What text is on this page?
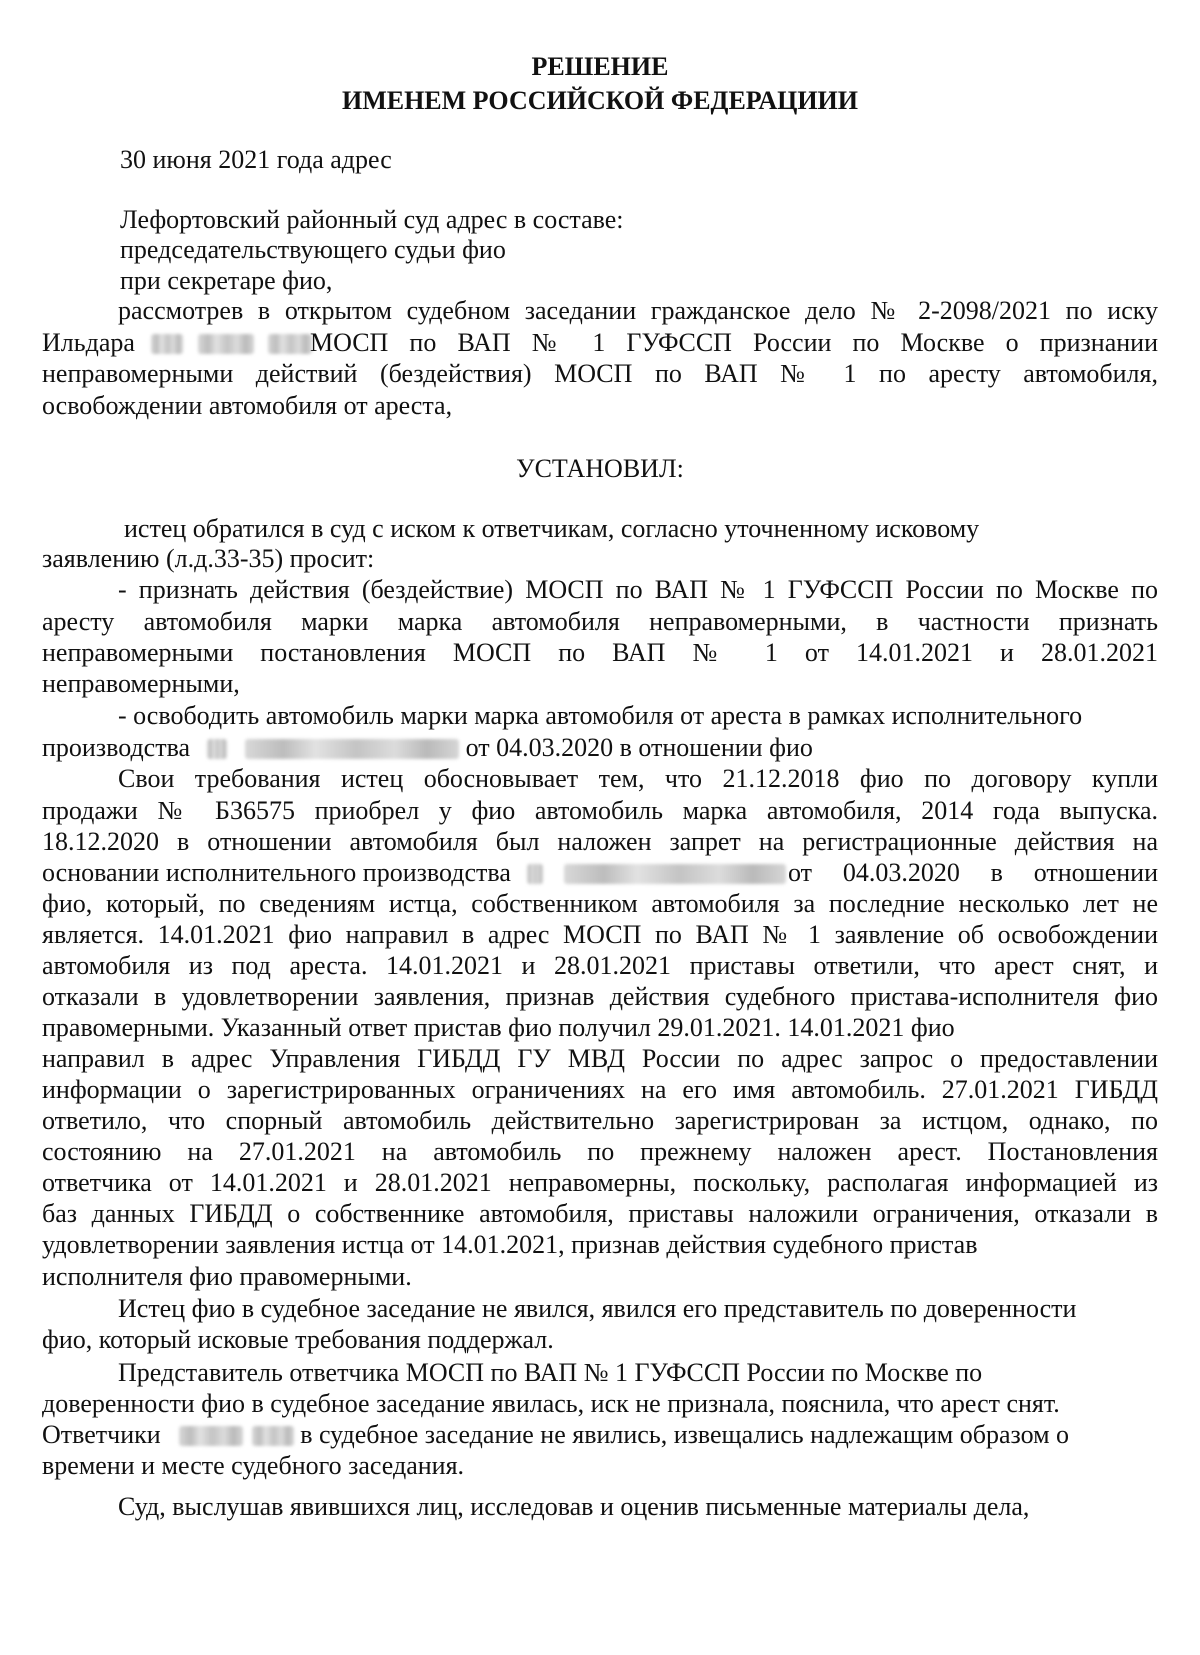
РЕШЕНИЕ
ИМЕНЕМ РОССИЙСКОЙ ФЕДЕРАЦИИИ
30 июня 2021 года адрес
Лефортовский районный суд адрес в составе:
председательствующего судьи фио
при секретаре фио,
рассмотрев в открытом судебном заседании гражданское дело № 2-2098/2021 по иску
Ильдара	МОСП по ВАП № 1 ГУФССП России по Москве о признании
неправомерными действий (бездействия) МОСП по ВАП № 1 по аресту автомобиля,
освобождении автомобиля от ареста,
УСТАНОВИЛ:
истец обратился в суд с иском к ответчикам, согласно уточненному исковому
заявлению (л.д.33-35) просит:
- признать действия (бездействие) МОСП по ВАП № 1 ГУФССП России по Москве по
аресту автомобиля марки марка автомобиля неправомерными, в частности признать
неправомерными постановления МОСП по ВАП № 1 от 14.01.2021 и 28.01.2021
неправомерными,
- освободить автомобиль марки марка автомобиля от ареста в рамках исполнительного
производства	от 04.03.2020 в отношении фио
Свои требования истец обосновывает тем, что 21.12.2018 фио по договору купли
продажи № Б36575 приобрел у фио автомобиль марка автомобиля, 2014 года выпуска.
18.12.2020 в отношении автомобиля был наложен запрет на регистрационные действия на
основании исполнительного производства	от 04.03.2020 в отношении
фио, который, по сведениям истца, собственником автомобиля за последние несколько лет не
является. 14.01.2021 фио направил в адрес МОСП по ВАП № 1 заявление об освобождении
автомобиля из под ареста. 14.01.2021 и 28.01.2021 приставы ответили, что арест снят, и
отказали в удовлетворении заявления, признав действия судебного пристава-исполнителя фио
правомерными. Указанный ответ пристав фио получил 29.01.2021. 14.01.2021 фио
направил в адрес Управления ГИБДД ГУ МВД России по адрес запрос о предоставлении
информации о зарегистрированных ограничениях на его имя автомобиль. 27.01.2021 ГИБДД
ответило, что спорный автомобиль действительно зарегистрирован за истцом, однако, по
состоянию на 27.01.2021 на автомобиль по прежнему наложен арест. Постановления
ответчика от 14.01.2021 и 28.01.2021 неправомерны, поскольку, располагая информацией из
баз данных ГИБДД о собственнике автомобиля, приставы наложили ограничения, отказали в
удовлетворении заявления истца от 14.01.2021, признав действия судебного пристав
исполнителя фио правомерными.
Истец фио в судебное заседание не явился, явился его представитель по доверенности
фио, который исковые требования поддержал.
Представитель ответчика МОСП по ВАП № 1 ГУФССП России по Москве по
доверенности фио в судебное заседание явилась, иск не признала, пояснила, что арест снят.
Ответчики	в судебное заседание не явились, извещались надлежащим образом о
времени и месте судебного заседания.
Суд, выслушав явившихся лиц, исследовав и оценив письменные материалы дела,
